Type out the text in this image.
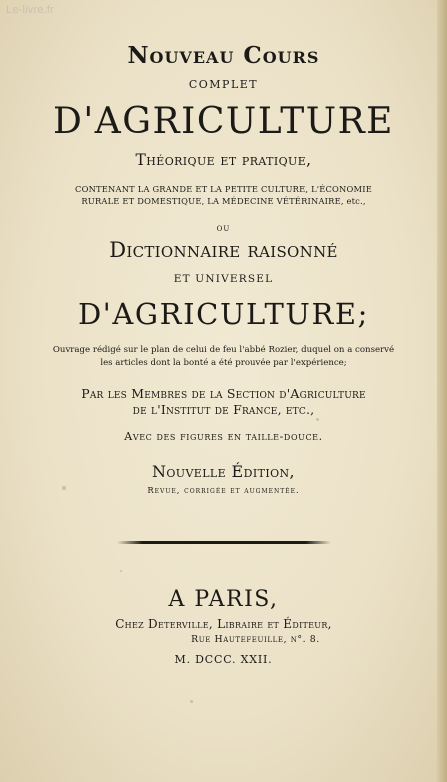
Le-livre.fr
Nouveau Cours
COMPLET
D'AGRICULTURE
Théorique et pratique,
CONTENANT LA GRANDE ET LA PETITE CULTURE, L'ÉCONOMIE
RURALE ET DOMESTIQUE, LA MÉDECINE VÉTÉRINAIRE, etc.,
OU
Dictionnaire raisonné
ET UNIVERSEL
D'AGRICULTURE;
Ouvrage rédigé sur le plan de celui de feu l'abbé Rozier, duquel on a conservé
les articles dont la bonté a été prouvée par l'expérience;
Par les Membres de la Section d'Agriculture
de l'Institut de France, etc.,
Avec des figures en taille-douce.
Nouvelle Édition,
Revue, corrigée et augmentée.
A PARIS,
Chez Deterville, Libraire et Éditeur,
Rue Hautefeuille, n°. 8.
M. DCCC. XXII.
